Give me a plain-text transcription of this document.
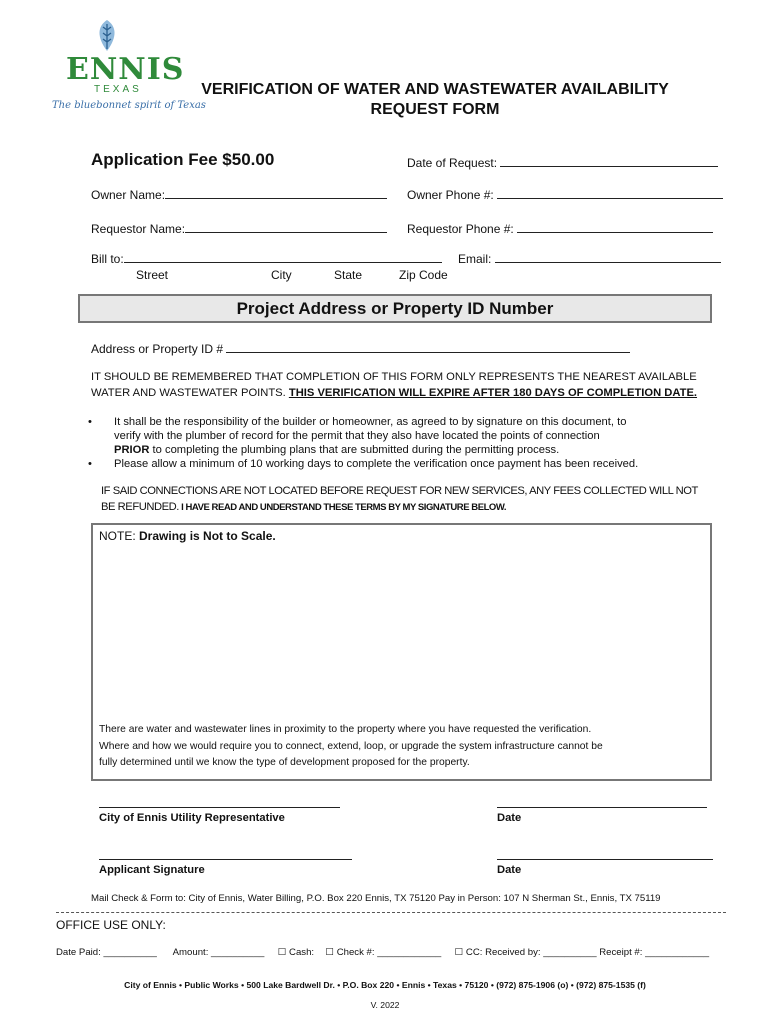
ENNIS
TEXAS
The bluebonnet spirit of Texas
VERIFICATION OF WATER AND WASTEWATER AVAILABILITY
REQUEST FORM
Application Fee $50.00	Date of Request:
Owner Name:	Owner Phone #:
Requestor Name:	Requestor Phone #:
Bill to:	Email:
Street	City	State	Zip Code
Project Address or Property ID Number
Address or Property ID #
IT SHOULD BE REMEMBERED THAT COMPLETION OF THIS FORM ONLY REPRESENTS THE NEAREST AVAILABLE
WATER AND WASTEWATER POINTS. THIS VERIFICATION WILL EXPIRE AFTER 180 DAYS OF COMPLETION DATE.
•	It shall be the responsibility of the builder or homeowner, as agreed to by signature on this document, to
verify with the plumber of record for the permit that they also have located the points of connection
PRIOR to completing the plumbing plans that are submitted during the permitting process.
•	Please allow a minimum of 10 working days to complete the verification once payment has been received.
IF SAID CONNECTIONS ARE NOT LOCATED BEFORE REQUEST FOR NEW SERVICES, ANY FEES COLLECTED WILL NOT
BE REFUNDED. I HAVE READ AND UNDERSTAND THESE TERMS BY MY SIGNATURE BELOW.
NOTE: Drawing is Not to Scale.
There are water and wastewater lines in proximity to the property where you have requested the verification.
Where and how we would require you to connect, extend, loop, or upgrade the system infrastructure cannot be
fully determined until we know the type of development proposed for the property.
City of Ennis Utility Representative	Date
Applicant Signature	Date
Mail Check & Form to: City of Ennis, Water Billing, P.O. Box 220 Ennis, TX 75120 Pay in Person: 107 N Sherman St., Ennis, TX 75119
OFFICE USE ONLY:
Date Paid: __________ Amount: __________ ☐ Cash: ☐ Check #: ____________ ☐ CC: Received by: __________ Receipt #: ____________
City of Ennis • Public Works • 500 Lake Bardwell Dr. • P.O. Box 220 • Ennis • Texas • 75120 • (972) 875-1906 (o) • (972) 875-1535 (f)
V. 2022
